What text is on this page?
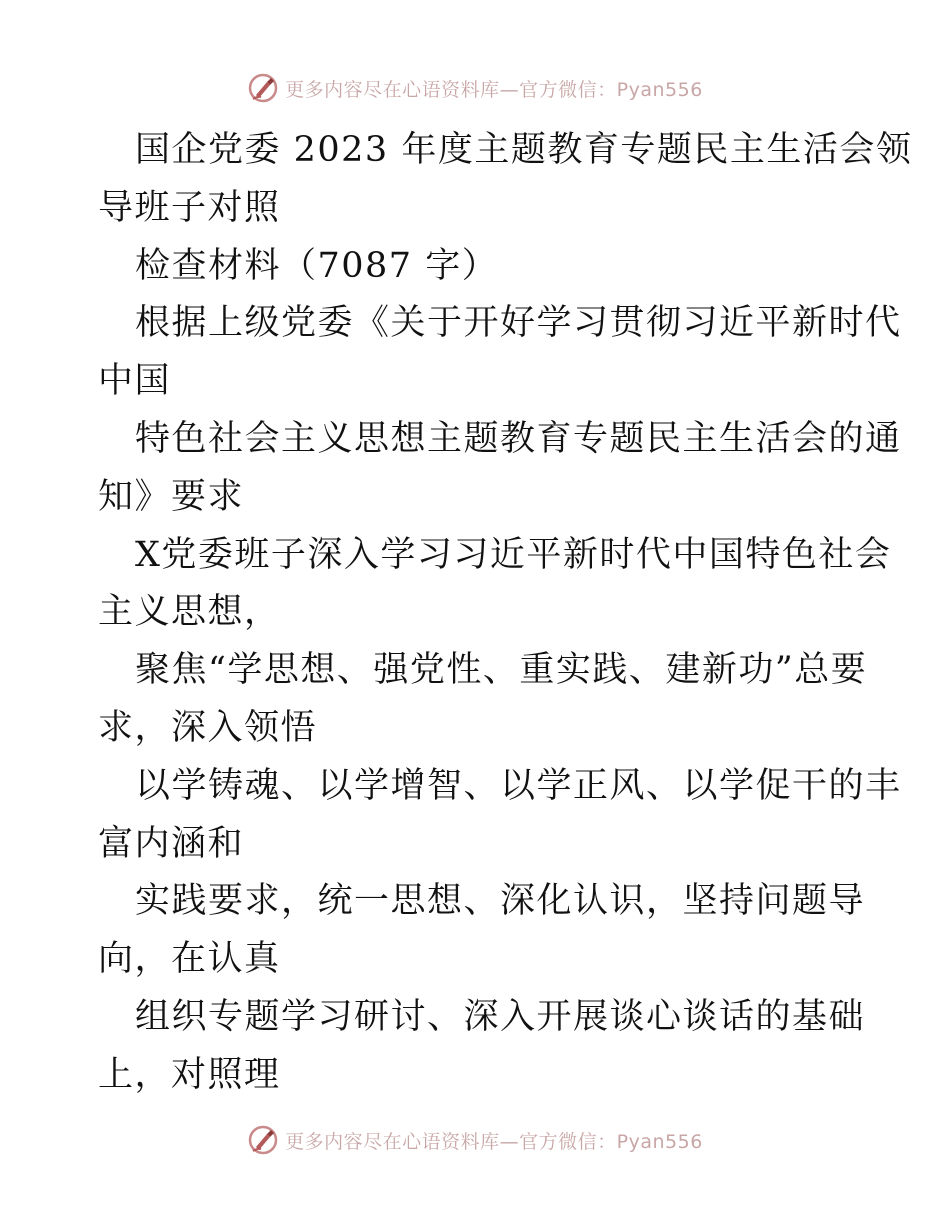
更多内容尽在心语资料库—官方微信：Pyan556
国企党委 2023 年度主题教育专题民主生活会领
导班子对照
检查材料（7087 字）
根据上级党委《关于开好学习贯彻习近平新时代
中国
特色社会主义思想主题教育专题民主生活会的通
知》要求
X党委班子深入学习习近平新时代中国特色社会
主义思想，
聚焦“学思想、强党性、重实践、建新功”总要
求，深入领悟
以学铸魂、以学增智、以学正风、以学促干的丰
富内涵和
实践要求，统一思想、深化认识，坚持问题导
向，在认真
组织专题学习研讨、深入开展谈心谈话的基础
上，对照理
更多内容尽在心语资料库—官方微信：Pyan556
